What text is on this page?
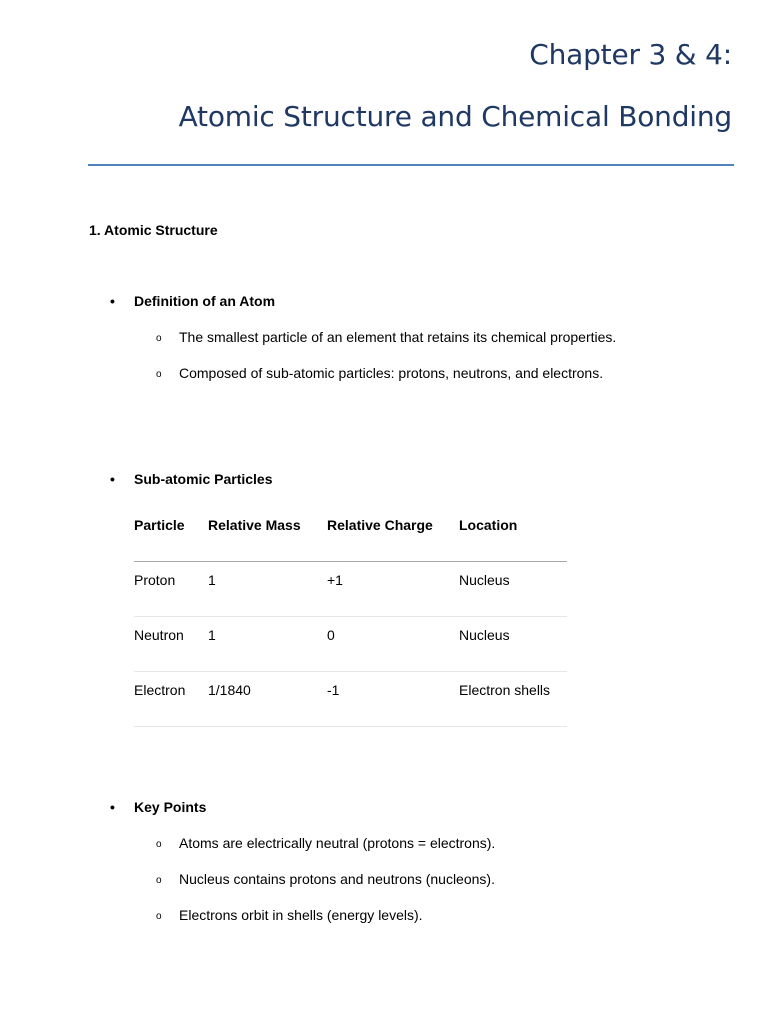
Chapter 3 & 4:
Atomic Structure and Chemical Bonding
1. Atomic Structure
•	Definition of an Atom
o	The smallest particle of an element that retains its chemical properties.
o	Composed of sub-atomic particles: protons, neutrons, and electrons.
•	Sub-atomic Particles
Particle	Relative Mass	Relative Charge	Location
Proton	1	+1	Nucleus
Neutron	1	0	Nucleus
Electron	1/1840	-1	Electron shells
•	Key Points
o	Atoms are electrically neutral (protons = electrons).
o	Nucleus contains protons and neutrons (nucleons).
o	Electrons orbit in shells (energy levels).
